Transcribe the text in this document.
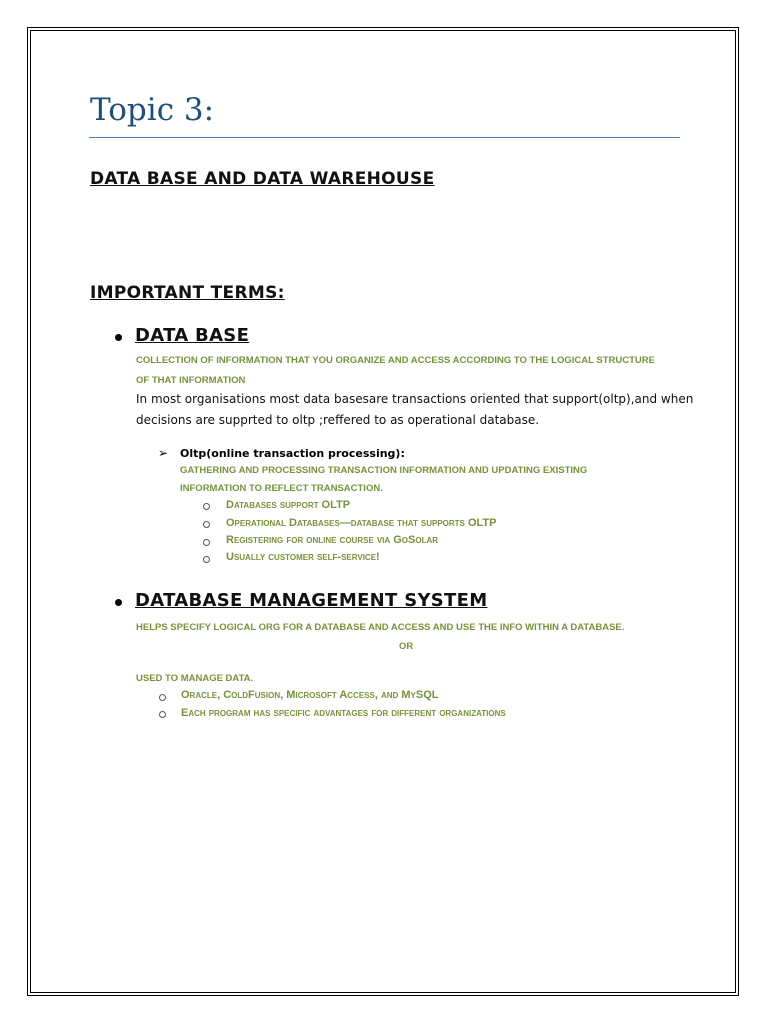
Topic 3:
DATA BASE AND DATA WAREHOUSE
IMPORTANT TERMS:
DATA BASE
COLLECTION OF INFORMATION THAT YOU ORGANIZE AND ACCESS ACCORDING TO THE LOGICAL STRUCTURE
OF THAT INFORMATION
In most organisations most data basesare transactions oriented that support(oltp),and when
decisions are supprted to oltp ;reffered to as operational database.
➢ Oltp(online transaction processing):
GATHERING AND PROCESSING TRANSACTION INFORMATION AND UPDATING EXISTING
INFORMATION TO REFLECT TRANSACTION.
Databases support OLTP
Operational Databases—database that supports OLTP
Registering for online course via GoSolar
Usually customer self-service!
DATABASE MANAGEMENT SYSTEM
HELPS SPECIFY LOGICAL ORG FOR A DATABASE AND ACCESS AND USE THE INFO WITHIN A DATABASE.
OR
USED TO MANAGE DATA.
Oracle, ColdFusion, Microsoft Access, and MySQL
Each program has specific advantages for different organizations
